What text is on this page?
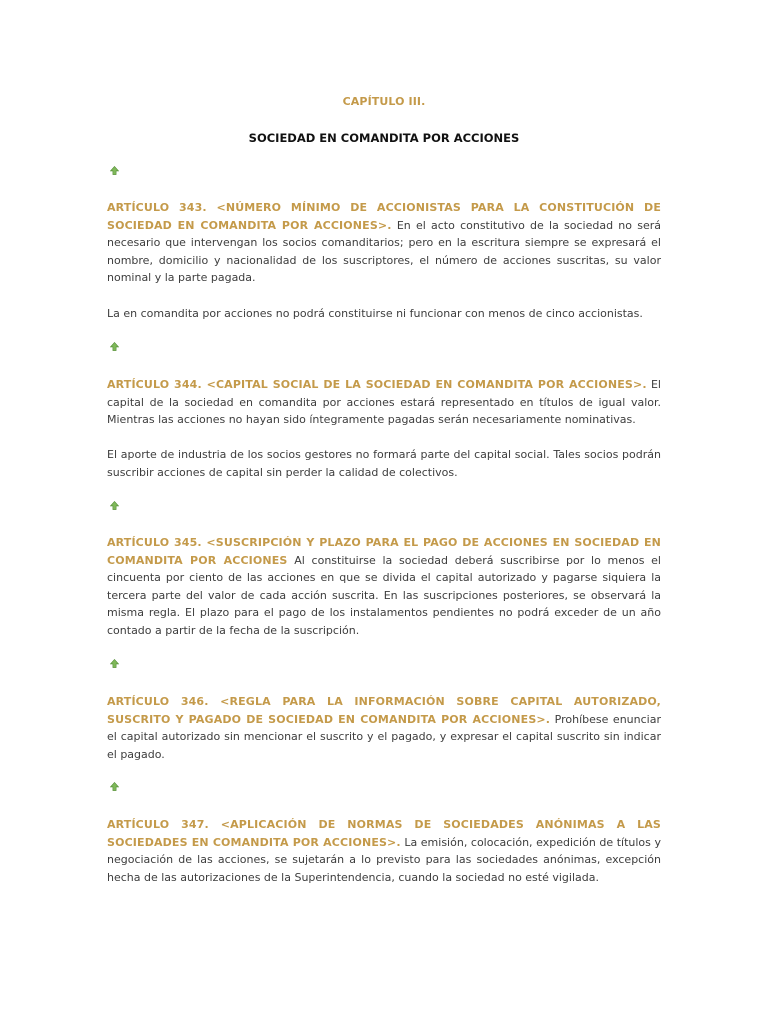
CAPÍTULO III.
SOCIEDAD EN COMANDITA POR ACCIONES

ARTÍCULO 343. <NÚMERO MÍNIMO DE ACCIONISTAS PARA LA CONSTITUCIÓN DE SOCIEDAD EN COMANDITA POR ACCIONES>. En el acto constitutivo de la sociedad no será necesario que intervengan los socios comanditarios; pero en la escritura siempre se expresará el nombre, domicilio y nacionalidad de los suscriptores, el número de acciones suscritas, su valor nominal y la parte pagada.

La en comandita por acciones no podrá constituirse ni funcionar con menos de cinco accionistas.

ARTÍCULO 344. <CAPITAL SOCIAL DE LA SOCIEDAD EN COMANDITA POR ACCIONES>. El capital de la sociedad en comandita por acciones estará representado en títulos de igual valor. Mientras las acciones no hayan sido íntegramente pagadas serán necesariamente nominativas.

El aporte de industria de los socios gestores no formará parte del capital social. Tales socios podrán suscribir acciones de capital sin perder la calidad de colectivos.

ARTÍCULO 345. <SUSCRIPCIÓN Y PLAZO PARA EL PAGO DE ACCIONES EN SOCIEDAD EN COMANDITA POR ACCIONES Al constituirse la sociedad deberá suscribirse por lo menos el cincuenta por ciento de las acciones en que se divida el capital autorizado y pagarse siquiera la tercera parte del valor de cada acción suscrita. En las suscripciones posteriores, se observará la misma regla. El plazo para el pago de los instalamentos pendientes no podrá exceder de un año contado a partir de la fecha de la suscripción.

ARTÍCULO 346. <REGLA PARA LA INFORMACIÓN SOBRE CAPITAL AUTORIZADO, SUSCRITO Y PAGADO DE SOCIEDAD EN COMANDITA POR ACCIONES>. Prohíbese enunciar el capital autorizado sin mencionar el suscrito y el pagado, y expresar el capital suscrito sin indicar el pagado.

ARTÍCULO 347. <APLICACIÓN DE NORMAS DE SOCIEDADES ANÓNIMAS A LAS SOCIEDADES EN COMANDITA POR ACCIONES>. La emisión, colocación, expedición de títulos y negociación de las acciones, se sujetarán a lo previsto para las sociedades anónimas, excepción hecha de las autorizaciones de la Superintendencia, cuando la sociedad no esté vigilada.
